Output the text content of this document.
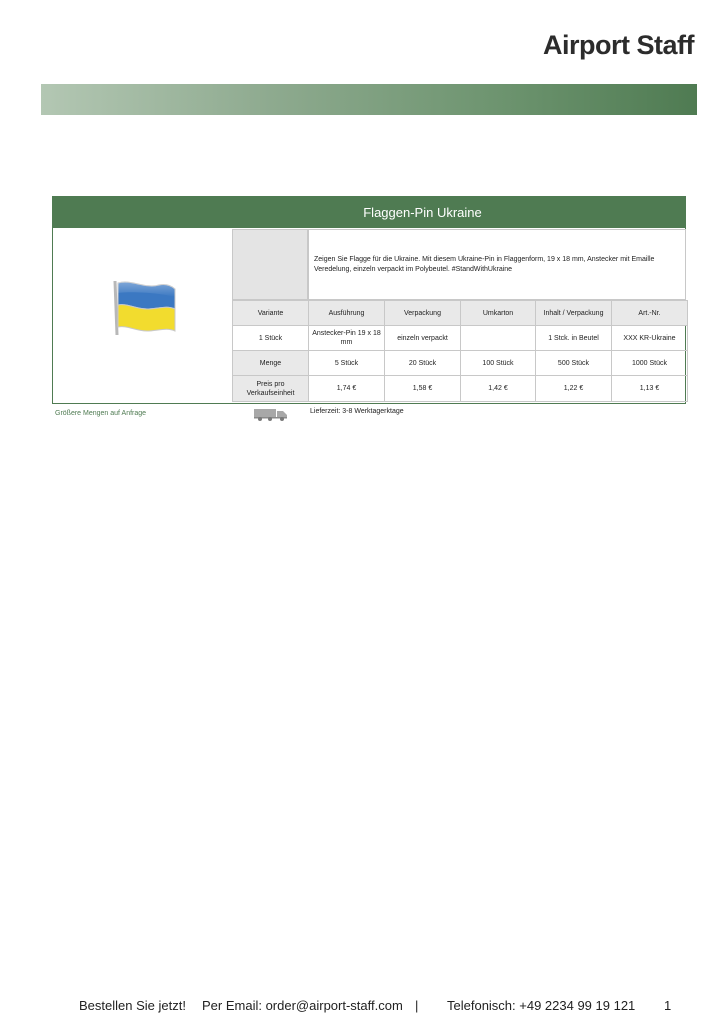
Airport Staff
Flaggen-Pin Ukraine
Zeigen Sie Flagge für die Ukraine. Mit diesem Ukraine-Pin in Flaggenform, 19 x 18 mm, Anstecker mit Emaille Veredelung, einzeln verpackt im Polybeutel. #StandWithUkraine
Variante	Ausführung	Verpackung	Umkarton	Inhalt / Verpackung	Art.-Nr.
1 Stück	Anstecker-Pin 19 x 18 mm	einzeln verpackt		1 Stck. in Beutel	XXX KR-Ukraine
Menge	5 Stück	20 Stück	100 Stück	500 Stück	1000 Stück
Preis pro Verkaufseinheit	1,74 €	1,58 €	1,42 €	1,22 €	1,13 €
Größere Mengen auf Anfrage	Lieferzeit: 3-8 Werktagerktage
Bestellen Sie jetzt! Per Email: order@airport-staff.com | Telefonisch: +49 2234 99 19 121 1
